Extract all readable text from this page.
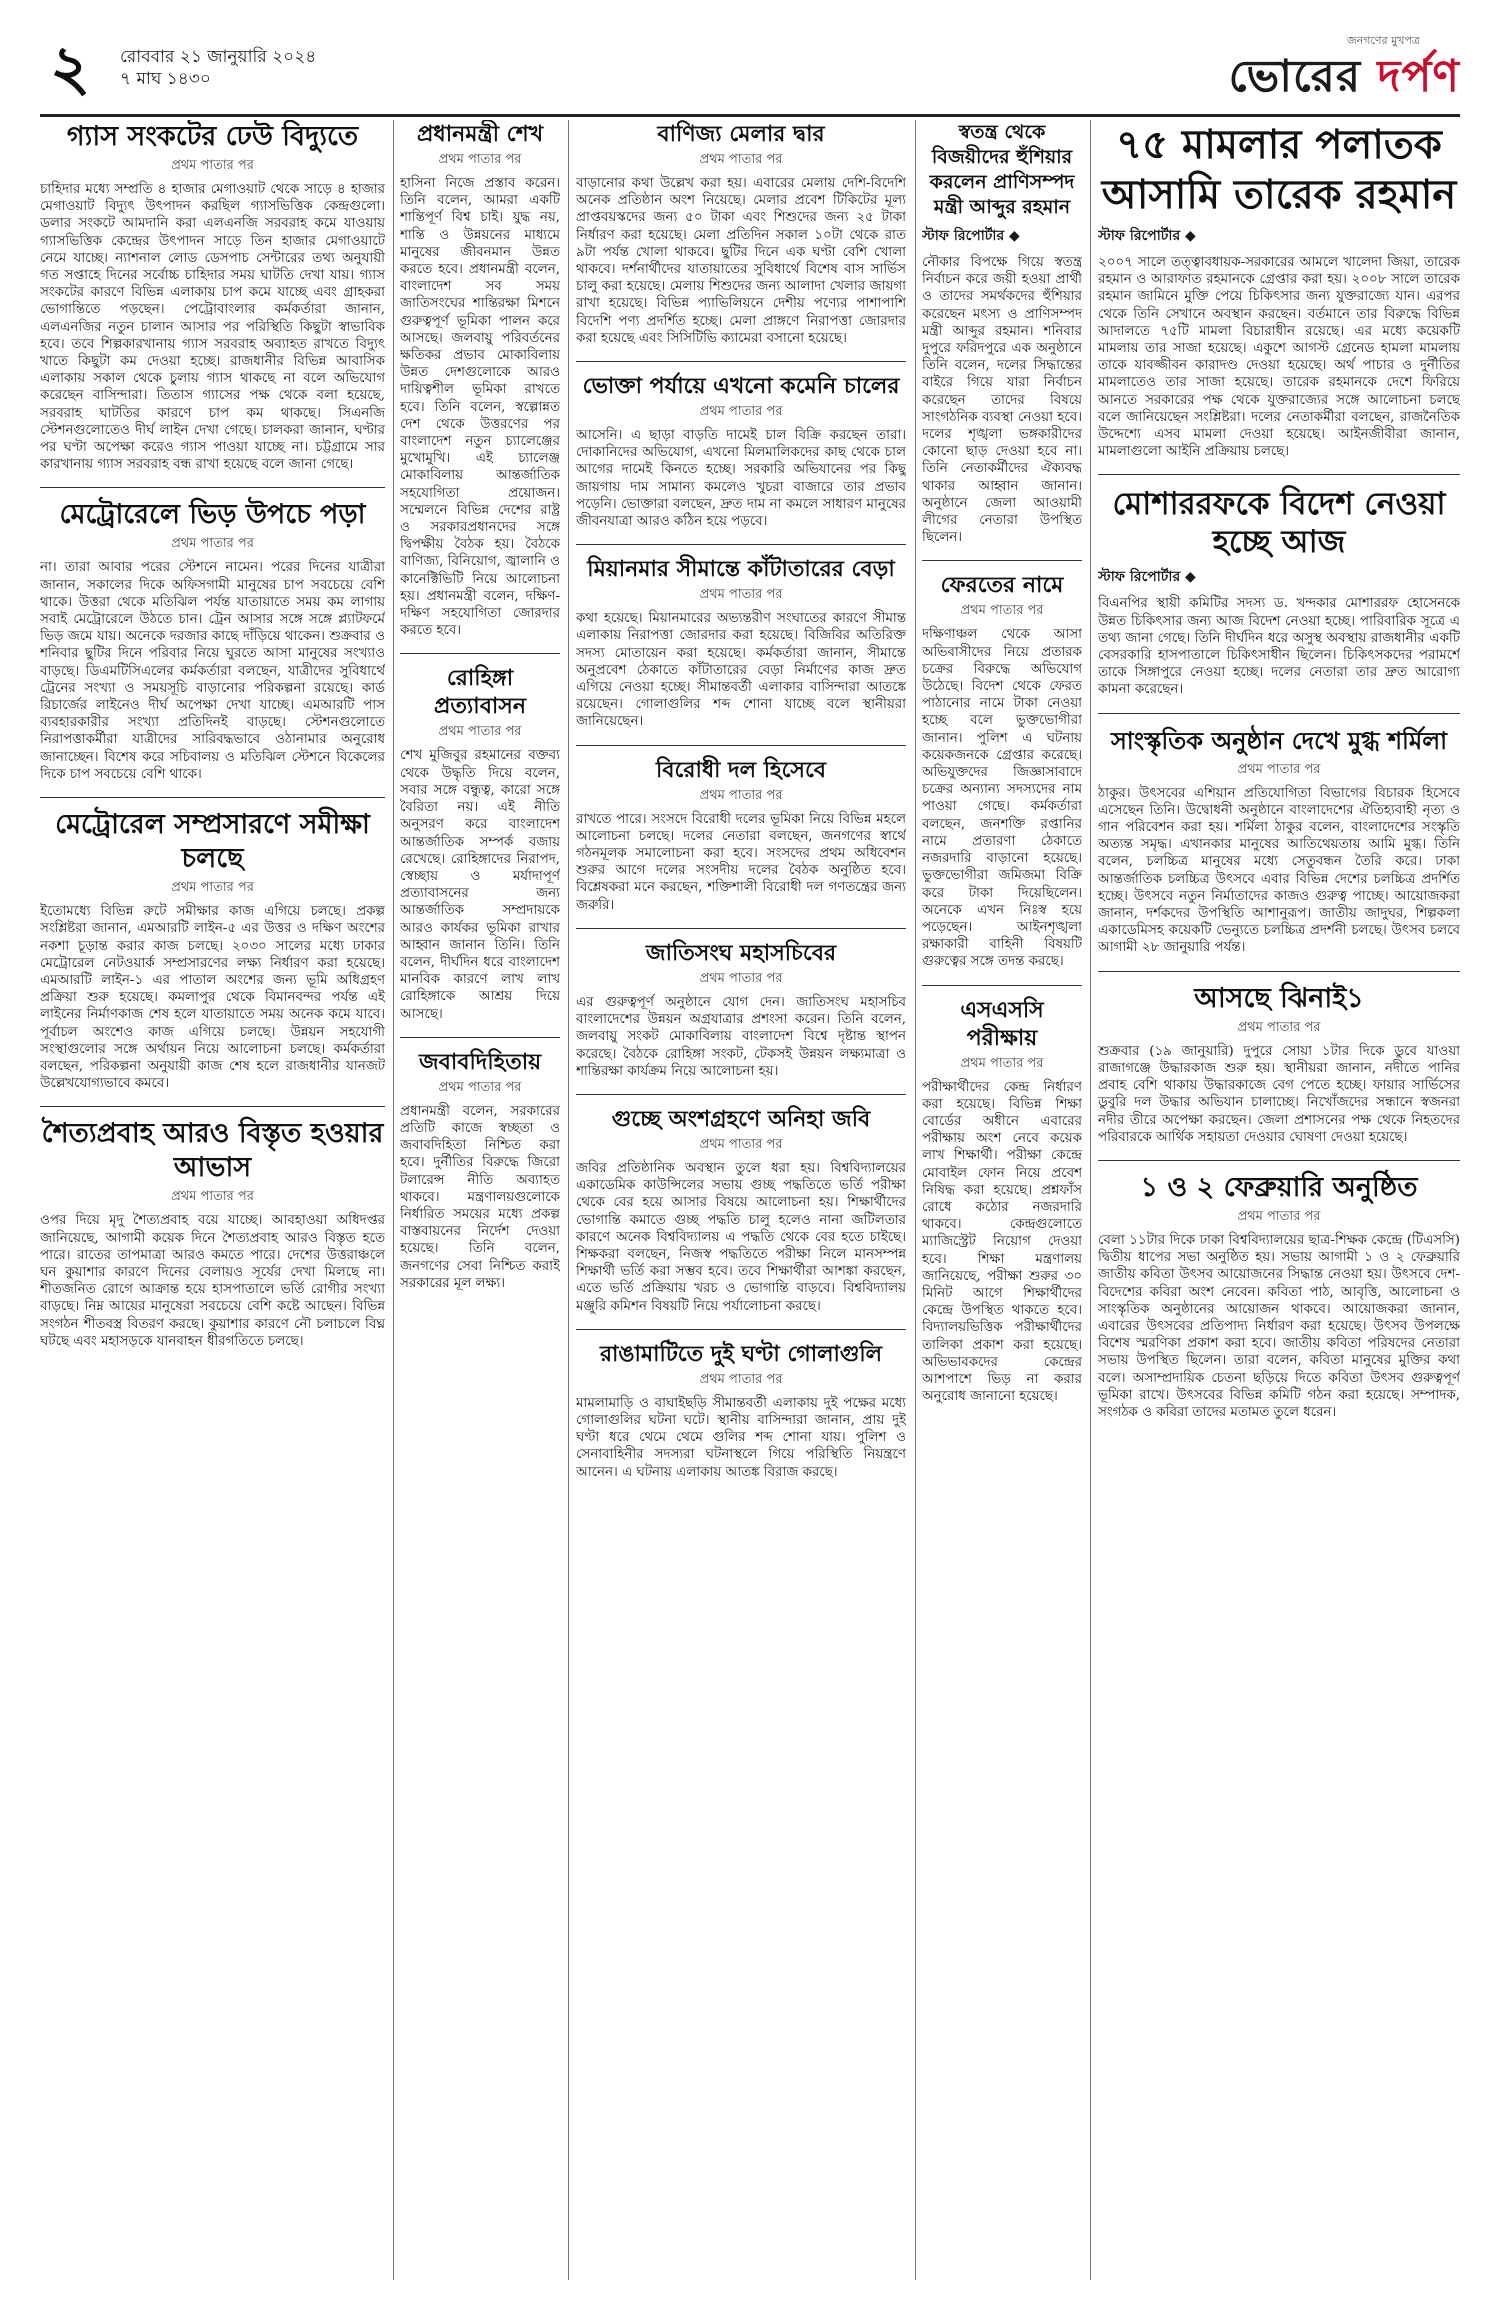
২ রোববার ২১ জানুয়ারি ২০২৪
৭ মাঘ ১৪৩০
জনগণের মুখপত্র
ভোরের দর্পণ
গ্যাস সংকটের ঢেউ বিদ্যুতে
প্রথম পাতার পর

চাহিদার মধ্যে সম্প্রতি ৪ হাজার মেগাওয়াট থেকে সাড়ে ৪ হাজার মেগাওয়াট বিদ্যুৎ উৎপাদন করছিল গ্যাসভিত্তিক কেন্দ্রগুলো। ডলার সংকটে আমদানি করা এলএনজি সরবরাহ কমে যাওয়ায় গ্যাসভিত্তিক কেন্দ্রের উৎপাদন সাড়ে তিন হাজার মেগাওয়াটে নেমে যাচ্ছে। ন্যাশনাল লোড ডেসপাচ সেন্টারের তথ্য অনুযায়ী গত সপ্তাহে দিনের সর্বোচ্চ চাহিদার সময় ঘাটতি দেখা যায়। গ্যাস সংকটের কারণে বিভিন্ন এলাকায় চাপ কমে যাচ্ছে এবং গ্রাহকরা ভোগান্তিতে পড়ছেন। পেট্রোবাংলার কর্মকর্তারা জানান, এলএনজির নতুন চালান আসার পর পরিস্থিতি কিছুটা স্বাভাবিক হবে। তবে শিল্পকারখানায় গ্যাস সরবরাহ অব্যাহত রাখতে বিদ্যুৎ খাতে কিছুটা কম দেওয়া হচ্ছে। রাজধানীর বিভিন্ন আবাসিক এলাকায় সকাল থেকে চুলায় গ্যাস থাকছে না বলে অভিযোগ করেছেন বাসিন্দারা। তিতাস গ্যাসের পক্ষ থেকে বলা হয়েছে, সরবরাহ ঘাটতির কারণে চাপ কম থাকছে। সিএনজি স্টেশনগুলোতেও দীর্ঘ লাইন দেখা গেছে। চালকরা জানান, ঘণ্টার পর ঘণ্টা অপেক্ষা করেও গ্যাস পাওয়া যাচ্ছে না। চট্টগ্রামে সার কারখানায় গ্যাস সরবরাহ বন্ধ রাখা হয়েছে বলে জানা গেছে।

মেট্রোরেলে ভিড় উপচে পড়া
প্রথম পাতার পর

না। তারা আবার পরের স্টেশনে নামেন। পরের দিনের যাত্রীরা জানান, সকালের দিকে অফিসগামী মানুষের চাপ সবচেয়ে বেশি থাকে। উত্তরা থেকে মতিঝিল পর্যন্ত যাতায়াতে সময় কম লাগায় সবাই মেট্রোরেলে উঠতে চান। ট্রেন আসার সঙ্গে সঙ্গে প্ল্যাটফর্মে ভিড় জমে যায়। অনেকে দরজার কাছে দাঁড়িয়ে থাকেন। শুক্রবার ও শনিবার ছুটির দিনে পরিবার নিয়ে ঘুরতে আসা মানুষের সংখ্যাও বাড়ছে। ডিএমটিসিএলের কর্মকর্তারা বলছেন, যাত্রীদের সুবিধার্থে ট্রেনের সংখ্যা ও সময়সূচি বাড়ানোর পরিকল্পনা রয়েছে। কার্ড রিচার্জের লাইনেও দীর্ঘ অপেক্ষা দেখা যাচ্ছে। এমআরটি পাস ব্যবহারকারীর সংখ্যা প্রতিদিনই বাড়ছে। স্টেশনগুলোতে নিরাপত্তাকর্মীরা যাত্রীদের সারিবদ্ধভাবে ওঠানামার অনুরোধ জানাচ্ছেন। বিশেষ করে সচিবালয় ও মতিঝিল স্টেশনে বিকেলের দিকে চাপ সবচেয়ে বেশি থাকে।

মেট্রোরেল সম্প্রসারণে সমীক্ষা চলছে
প্রথম পাতার পর

ইতোমধ্যে বিভিন্ন রুটে সমীক্ষার কাজ এগিয়ে চলছে। প্রকল্প সংশ্লিষ্টরা জানান, এমআরটি লাইন-৫ এর উত্তর ও দক্ষিণ অংশের নকশা চূড়ান্ত করার কাজ চলছে। ২০৩০ সালের মধ্যে ঢাকার মেট্রোরেল নেটওয়ার্ক সম্প্রসারণের লক্ষ্য নির্ধারণ করা হয়েছে। এমআরটি লাইন-১ এর পাতাল অংশের জন্য ভূমি অধিগ্রহণ প্রক্রিয়া শুরু হয়েছে। কমলাপুর থেকে বিমানবন্দর পর্যন্ত এই লাইনের নির্মাণকাজ শেষ হলে যাতায়াতে সময় অনেক কমে যাবে। পূর্বাচল অংশেও কাজ এগিয়ে চলছে। উন্নয়ন সহযোগী সংস্থাগুলোর সঙ্গে অর্থায়ন নিয়ে আলোচনা চলছে। কর্মকর্তারা বলছেন, পরিকল্পনা অনুযায়ী কাজ শেষ হলে রাজধানীর যানজট উল্লেখযোগ্যভাবে কমবে।

শৈত্যপ্রবাহ আরও বিস্তৃত হওয়ার আভাস
প্রথম পাতার পর

ওপর দিয়ে মৃদু শৈত্যপ্রবাহ বয়ে যাচ্ছে। আবহাওয়া অধিদপ্তর জানিয়েছে, আগামী কয়েক দিনে শৈত্যপ্রবাহ আরও বিস্তৃত হতে পারে। রাতের তাপমাত্রা আরও কমতে পারে। দেশের উত্তরাঞ্চলে ঘন কুয়াশার কারণে দিনের বেলায়ও সূর্যের দেখা মিলছে না। শীতজনিত রোগে আক্রান্ত হয়ে হাসপাতালে ভর্তি রোগীর সংখ্যা বাড়ছে। নিম্ন আয়ের মানুষেরা সবচেয়ে বেশি কষ্টে আছেন। বিভিন্ন সংগঠন শীতবস্ত্র বিতরণ করছে। কুয়াশার কারণে নৌ চলাচলে বিঘ্ন ঘটছে এবং মহাসড়কে যানবাহন ধীরগতিতে চলছে।

প্রধানমন্ত্রী শেখ
প্রথম পাতার পর

হাসিনা নিজে প্রস্তাব করেন। তিনি বলেন, আমরা একটি শান্তিপূর্ণ বিশ্ব চাই। যুদ্ধ নয়, শান্তি ও উন্নয়নের মাধ্যমে মানুষের জীবনমান উন্নত করতে হবে। প্রধানমন্ত্রী বলেন, বাংলাদেশ সব সময় জাতিসংঘের শান্তিরক্ষা মিশনে গুরুত্বপূর্ণ ভূমিকা পালন করে আসছে। জলবায়ু পরিবর্তনের ক্ষতিকর প্রভাব মোকাবিলায় উন্নত দেশগুলোকে আরও দায়িত্বশীল ভূমিকা রাখতে হবে। তিনি বলেন, স্বল্পোন্নত দেশ থেকে উত্তরণের পর বাংলাদেশ নতুন চ্যালেঞ্জের মুখোমুখি। এই চ্যালেঞ্জ মোকাবিলায় আন্তর্জাতিক সহযোগিতা প্রয়োজন। সম্মেলনে বিভিন্ন দেশের রাষ্ট্র ও সরকারপ্রধানদের সঙ্গে দ্বিপক্ষীয় বৈঠক হয়। বৈঠকে বাণিজ্য, বিনিয়োগ, জ্বালানি ও কানেক্টিভিটি নিয়ে আলোচনা হয়। প্রধানমন্ত্রী বলেন, দক্ষিণ-দক্ষিণ সহযোগিতা জোরদার করতে হবে।

রোহিঙ্গা প্রত্যাবাসন
প্রথম পাতার পর

শেখ মুজিবুর রহমানের বক্তব্য থেকে উদ্ধৃতি দিয়ে বলেন, সবার সঙ্গে বন্ধুত্ব, কারো সঙ্গে বৈরিতা নয়। এই নীতি অনুসরণ করে বাংলাদেশ আন্তর্জাতিক সম্পর্ক বজায় রেখেছে। রোহিঙ্গাদের নিরাপদ, স্বেচ্ছায় ও মর্যাদাপূর্ণ প্রত্যাবাসনের জন্য আন্তর্জাতিক সম্প্রদায়কে আরও কার্যকর ভূমিকা রাখার আহ্বান জানান তিনি। তিনি বলেন, দীর্ঘদিন ধরে বাংলাদেশ মানবিক কারণে লাখ লাখ রোহিঙ্গাকে আশ্রয় দিয়ে আসছে।

জবাবদিহিতায়
প্রথম পাতার পর

প্রধানমন্ত্রী বলেন, সরকারের প্রতিটি কাজে স্বচ্ছতা ও জবাবদিহিতা নিশ্চিত করা হবে। দুর্নীতির বিরুদ্ধে জিরো টলারেন্স নীতি অব্যাহত থাকবে। মন্ত্রণালয়গুলোকে নির্ধারিত সময়ের মধ্যে প্রকল্প বাস্তবায়নের নির্দেশ দেওয়া হয়েছে। তিনি বলেন, জনগণের সেবা নিশ্চিত করাই সরকারের মূল লক্ষ্য।

বাণিজ্য মেলার দ্বার
প্রথম পাতার পর

বাড়ানোর কথা উল্লেখ করা হয়। এবারের মেলায় দেশি-বিদেশি অনেক প্রতিষ্ঠান অংশ নিয়েছে। মেলার প্রবেশ টিকিটের মূল্য প্রাপ্তবয়স্কদের জন্য ৫০ টাকা এবং শিশুদের জন্য ২৫ টাকা নির্ধারণ করা হয়েছে। মেলা প্রতিদিন সকাল ১০টা থেকে রাত ৯টা পর্যন্ত খোলা থাকবে। ছুটির দিনে এক ঘণ্টা বেশি খোলা থাকবে। দর্শনার্থীদের যাতায়াতের সুবিধার্থে বিশেষ বাস সার্ভিস চালু করা হয়েছে। মেলায় শিশুদের জন্য আলাদা খেলার জায়গা রাখা হয়েছে। বিভিন্ন প্যাভিলিয়নে দেশীয় পণ্যের পাশাপাশি বিদেশি পণ্য প্রদর্শিত হচ্ছে। মেলা প্রাঙ্গণে নিরাপত্তা জোরদার করা হয়েছে এবং সিসিটিভি ক্যামেরা বসানো হয়েছে।

ভোক্তা পর্যায়ে এখনো কমেনি চালের
প্রথম পাতার পর

আসেনি। এ ছাড়া বাড়তি দামেই চাল বিক্রি করছেন তারা। দোকানিদের অভিযোগ, এখনো মিলমালিকদের কাছ থেকে চাল আগের দামেই কিনতে হচ্ছে। সরকারি অভিযানের পর কিছু জায়গায় দাম সামান্য কমলেও খুচরা বাজারে তার প্রভাব পড়েনি। ভোক্তারা বলছেন, দ্রুত দাম না কমলে সাধারণ মানুষের জীবনযাত্রা আরও কঠিন হয়ে পড়বে।

মিয়ানমার সীমান্তে কাঁটাতারের বেড়া
প্রথম পাতার পর

কথা হয়েছে। মিয়ানমারের অভ্যন্তরীণ সংঘাতের কারণে সীমান্ত এলাকায় নিরাপত্তা জোরদার করা হয়েছে। বিজিবির অতিরিক্ত সদস্য মোতায়েন করা হয়েছে। কর্মকর্তারা জানান, সীমান্তে অনুপ্রবেশ ঠেকাতে কাঁটাতারের বেড়া নির্মাণের কাজ দ্রুত এগিয়ে নেওয়া হচ্ছে। সীমান্তবর্তী এলাকার বাসিন্দারা আতঙ্কে রয়েছেন। গোলাগুলির শব্দ শোনা যাচ্ছে বলে স্থানীয়রা জানিয়েছেন।

বিরোধী দল হিসেবে
প্রথম পাতার পর

রাখতে পারে। সংসদে বিরোধী দলের ভূমিকা নিয়ে বিভিন্ন মহলে আলোচনা চলছে। দলের নেতারা বলছেন, জনগণের স্বার্থে গঠনমূলক সমালোচনা করা হবে। সংসদের প্রথম অধিবেশন শুরুর আগে দলের সংসদীয় দলের বৈঠক অনুষ্ঠিত হবে। বিশ্লেষকরা মনে করছেন, শক্তিশালী বিরোধী দল গণতন্ত্রের জন্য জরুরি।

জাতিসংঘ মহাসচিবের
প্রথম পাতার পর

এর গুরুত্বপূর্ণ অনুষ্ঠানে যোগ দেন। জাতিসংঘ মহাসচিব বাংলাদেশের উন্নয়ন অগ্রযাত্রার প্রশংসা করেন। তিনি বলেন, জলবায়ু সংকট মোকাবিলায় বাংলাদেশ বিশ্বে দৃষ্টান্ত স্থাপন করেছে। বৈঠকে রোহিঙ্গা সংকট, টেকসই উন্নয়ন লক্ষ্যমাত্রা ও শান্তিরক্ষা কার্যক্রম নিয়ে আলোচনা হয়।

গুচ্ছে অংশগ্রহণে অনিহা জবি
প্রথম পাতার পর

জবির প্রতিষ্ঠানিক অবস্থান তুলে ধরা হয়। বিশ্ববিদ্যালয়ের একাডেমিক কাউন্সিলের সভায় গুচ্ছ পদ্ধতিতে ভর্তি পরীক্ষা থেকে বের হয়ে আসার বিষয়ে আলোচনা হয়। শিক্ষার্থীদের ভোগান্তি কমাতে গুচ্ছ পদ্ধতি চালু হলেও নানা জটিলতার কারণে অনেক বিশ্ববিদ্যালয় এ পদ্ধতি থেকে বের হতে চাইছে। শিক্ষকরা বলছেন, নিজস্ব পদ্ধতিতে পরীক্ষা নিলে মানসম্পন্ন শিক্ষার্থী ভর্তি করা সম্ভব হবে। তবে শিক্ষার্থীরা আশঙ্কা করছেন, এতে ভর্তি প্রক্রিয়ায় খরচ ও ভোগান্তি বাড়বে। বিশ্ববিদ্যালয় মঞ্জুরি কমিশন বিষয়টি নিয়ে পর্যালোচনা করছে।

রাঙামাটিতে দুই ঘণ্টা গোলাগুলি
প্রথম পাতার পর

মামলামাড়ি ও বাঘাইছড়ি সীমান্তবর্তী এলাকায় দুই পক্ষের মধ্যে গোলাগুলির ঘটনা ঘটে। স্থানীয় বাসিন্দারা জানান, প্রায় দুই ঘণ্টা ধরে থেমে থেমে গুলির শব্দ শোনা যায়। পুলিশ ও সেনাবাহিনীর সদস্যরা ঘটনাস্থলে গিয়ে পরিস্থিতি নিয়ন্ত্রণে আনেন। এ ঘটনায় এলাকায় আতঙ্ক বিরাজ করছে।

স্বতন্ত্র থেকে বিজয়ীদের হুঁশিয়ার করলেন প্রাণিসম্পদ মন্ত্রী আব্দুর রহমান
স্টাফ রিপোর্টার ◆

নৌকার বিপক্ষে গিয়ে স্বতন্ত্র নির্বাচন করে জয়ী হওয়া প্রার্থী ও তাদের সমর্থকদের হুঁশিয়ার করেছেন মৎস্য ও প্রাণিসম্পদ মন্ত্রী আব্দুর রহমান। শনিবার দুপুরে ফরিদপুরে এক অনুষ্ঠানে তিনি বলেন, দলের সিদ্ধান্তের বাইরে গিয়ে যারা নির্বাচন করেছেন তাদের বিষয়ে সাংগঠনিক ব্যবস্থা নেওয়া হবে। দলের শৃঙ্খলা ভঙ্গকারীদের কোনো ছাড় দেওয়া হবে না। তিনি নেতাকর্মীদের ঐক্যবদ্ধ থাকার আহ্বান জানান। অনুষ্ঠানে জেলা আওয়ামী লীগের নেতারা উপস্থিত ছিলেন।

ফেরতের নামে
প্রথম পাতার পর

দক্ষিণাঞ্চল থেকে আসা অভিবাসীদের নিয়ে প্রতারক চক্রের বিরুদ্ধে অভিযোগ উঠেছে। বিদেশ থেকে ফেরত পাঠানোর নামে টাকা নেওয়া হচ্ছে বলে ভুক্তভোগীরা জানান। পুলিশ এ ঘটনায় কয়েকজনকে গ্রেপ্তার করেছে। অভিযুক্তদের জিজ্ঞাসাবাদে চক্রের অন্যান্য সদস্যদের নাম পাওয়া গেছে। কর্মকর্তারা বলছেন, জনশক্তি রপ্তানির নামে প্রতারণা ঠেকাতে নজরদারি বাড়ানো হয়েছে। ভুক্তভোগীরা জমিজমা বিক্রি করে টাকা দিয়েছিলেন। অনেকে এখন নিঃস্ব হয়ে পড়েছেন। আইনশৃঙ্খলা রক্ষাকারী বাহিনী বিষয়টি গুরুত্বের সঙ্গে তদন্ত করছে।

এসএসসি পরীক্ষায়
প্রথম পাতার পর

পরীক্ষার্থীদের কেন্দ্র নির্ধারণ করা হয়েছে। বিভিন্ন শিক্ষা বোর্ডের অধীনে এবারের পরীক্ষায় অংশ নেবে কয়েক লাখ শিক্ষার্থী। পরীক্ষা কেন্দ্রে মোবাইল ফোন নিয়ে প্রবেশ নিষিদ্ধ করা হয়েছে। প্রশ্নফাঁস রোধে কঠোর নজরদারি থাকবে। কেন্দ্রগুলোতে ম্যাজিস্ট্রেট নিয়োগ দেওয়া হবে। শিক্ষা মন্ত্রণালয় জানিয়েছে, পরীক্ষা শুরুর ৩০ মিনিট আগে শিক্ষার্থীদের কেন্দ্রে উপস্থিত থাকতে হবে। বিদ্যালয়ভিত্তিক পরীক্ষার্থীদের তালিকা প্রকাশ করা হয়েছে। অভিভাবকদের কেন্দ্রের আশপাশে ভিড় না করার অনুরোধ জানানো হয়েছে।

৭৫ মামলার পলাতক আসামি তারেক রহমান
স্টাফ রিপোর্টার ◆

২০০৭ সালে তত্ত্বাবধায়ক-সরকারের আমলে খালেদা জিয়া, তারেক রহমান ও আরাফাত রহমানকে গ্রেপ্তার করা হয়। ২০০৮ সালে তারেক রহমান জামিনে মুক্তি পেয়ে চিকিৎসার জন্য যুক্তরাজ্যে যান। এরপর থেকে তিনি সেখানে অবস্থান করছেন। বর্তমানে তার বিরুদ্ধে বিভিন্ন আদালতে ৭৫টি মামলা বিচারাধীন রয়েছে। এর মধ্যে কয়েকটি মামলায় তার সাজা হয়েছে। একুশে আগস্ট গ্রেনেড হামলা মামলায় তাকে যাবজ্জীবন কারাদণ্ড দেওয়া হয়েছে। অর্থ পাচার ও দুর্নীতির মামলাতেও তার সাজা হয়েছে। তারেক রহমানকে দেশে ফিরিয়ে আনতে সরকারের পক্ষ থেকে যুক্তরাজ্যের সঙ্গে আলোচনা চলছে বলে জানিয়েছেন সংশ্লিষ্টরা। দলের নেতাকর্মীরা বলছেন, রাজনৈতিক উদ্দেশ্যে এসব মামলা দেওয়া হয়েছে। আইনজীবীরা জানান, মামলাগুলো আইনি প্রক্রিয়ায় চলছে।

মোশাররফকে বিদেশ নেওয়া হচ্ছে আজ
স্টাফ রিপোর্টার ◆

বিএনপির স্থায়ী কমিটির সদস্য ড. খন্দকার মোশাররফ হোসেনকে উন্নত চিকিৎসার জন্য আজ বিদেশ নেওয়া হচ্ছে। পারিবারিক সূত্রে এ তথ্য জানা গেছে। তিনি দীর্ঘদিন ধরে অসুস্থ অবস্থায় রাজধানীর একটি বেসরকারি হাসপাতালে চিকিৎসাধীন ছিলেন। চিকিৎসকদের পরামর্শে তাকে সিঙ্গাপুরে নেওয়া হচ্ছে। দলের নেতারা তার দ্রুত আরোগ্য কামনা করেছেন।

সাংস্কৃতিক অনুষ্ঠান দেখে মুগ্ধ শর্মিলা
প্রথম পাতার পর

ঠাকুর। উৎসবের এশিয়ান প্রতিযোগিতা বিভাগের বিচারক হিসেবে এসেছেন তিনি। উদ্বোধনী অনুষ্ঠানে বাংলাদেশের ঐতিহ্যবাহী নৃত্য ও গান পরিবেশন করা হয়। শর্মিলা ঠাকুর বলেন, বাংলাদেশের সংস্কৃতি অত্যন্ত সমৃদ্ধ। এখানকার মানুষের আতিথেয়তায় আমি মুগ্ধ। তিনি বলেন, চলচ্চিত্র মানুষের মধ্যে সেতুবন্ধন তৈরি করে। ঢাকা আন্তর্জাতিক চলচ্চিত্র উৎসবে এবার বিভিন্ন দেশের চলচ্চিত্র প্রদর্শিত হচ্ছে। উৎসবে নতুন নির্মাতাদের কাজও গুরুত্ব পাচ্ছে। আয়োজকরা জানান, দর্শকদের উপস্থিতি আশানুরূপ। জাতীয় জাদুঘর, শিল্পকলা একাডেমিসহ কয়েকটি ভেন্যুতে চলচ্চিত্র প্রদর্শনী চলছে। উৎসব চলবে আগামী ২৮ জানুয়ারি পর্যন্ত।

আসছে ঝিনাই১
প্রথম পাতার পর

শুক্রবার (১৯ জানুয়ারি) দুপুরে সোয়া ১টার দিকে ডুবে যাওয়া রাজাগঞ্জে উদ্ধারকাজ শুরু হয়। স্থানীয়রা জানান, নদীতে পানির প্রবাহ বেশি থাকায় উদ্ধারকাজে বেগ পেতে হচ্ছে। ফায়ার সার্ভিসের ডুবুরি দল উদ্ধার অভিযান চালাচ্ছে। নিখোঁজদের সন্ধানে স্বজনরা নদীর তীরে অপেক্ষা করছেন। জেলা প্রশাসনের পক্ষ থেকে নিহতদের পরিবারকে আর্থিক সহায়তা দেওয়ার ঘোষণা দেওয়া হয়েছে।

১ ও ২ ফেব্রুয়ারি অনুষ্ঠিত
প্রথম পাতার পর

বেলা ১১টার দিকে ঢাকা বিশ্ববিদ্যালয়ের ছাত্র-শিক্ষক কেন্দ্রে (টিএসসি) দ্বিতীয় ধাপের সভা অনুষ্ঠিত হয়। সভায় আগামী ১ ও ২ ফেব্রুয়ারি জাতীয় কবিতা উৎসব আয়োজনের সিদ্ধান্ত নেওয়া হয়। উৎসবে দেশ-বিদেশের কবিরা অংশ নেবেন। কবিতা পাঠ, আবৃত্তি, আলোচনা ও সাংস্কৃতিক অনুষ্ঠানের আয়োজন থাকবে। আয়োজকরা জানান, এবারের উৎসবের প্রতিপাদ্য নির্ধারণ করা হয়েছে। উৎসব উপলক্ষে বিশেষ স্মরণিকা প্রকাশ করা হবে। জাতীয় কবিতা পরিষদের নেতারা সভায় উপস্থিত ছিলেন। তারা বলেন, কবিতা মানুষের মুক্তির কথা বলে। অসাম্প্রদায়িক চেতনা ছড়িয়ে দিতে কবিতা উৎসব গুরুত্বপূর্ণ ভূমিকা রাখে। উৎসবের বিভিন্ন কমিটি গঠন করা হয়েছে। সম্পাদক, সংগঠক ও কবিরা তাদের মতামত তুলে ধরেন।
